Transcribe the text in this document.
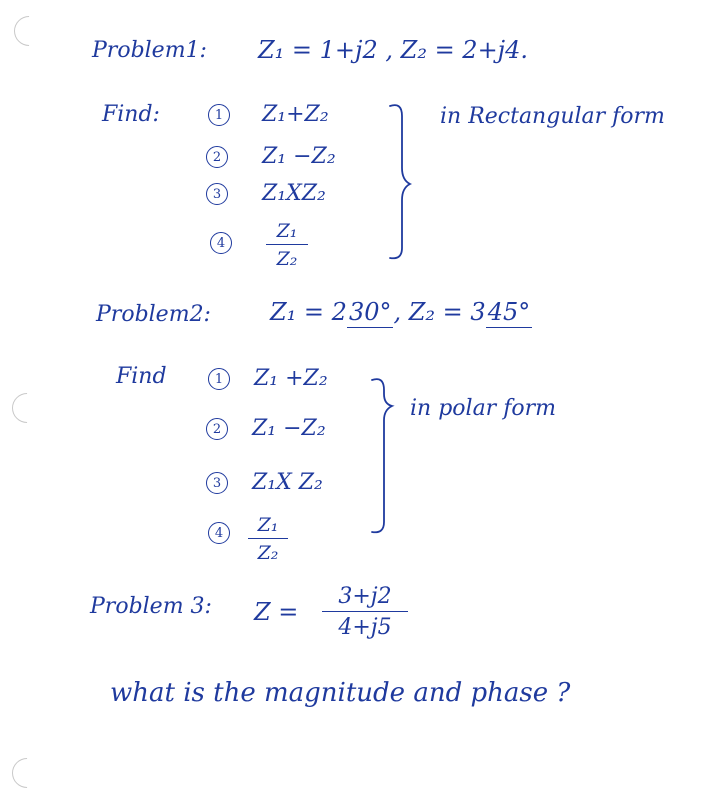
Problem1: Z₁ = 1+j2 , Z₂ = 2+j4.
Find:	1	Z₁+Z₂
2	Z₁ −Z₂
3	Z₁XZ₂
4
Z₁
Z₂
in Rectangular form
Problem2: Z₁ = 230°, Z₂ = 345°
Find	1	Z₁ +Z₂
2	Z₁ −Z₂
3	Z₁X Z₂
4	Z₁
Z₂
in polar form
Problem 3: Z =
3+j2
4+j5
what is the magnitude and phase ?
